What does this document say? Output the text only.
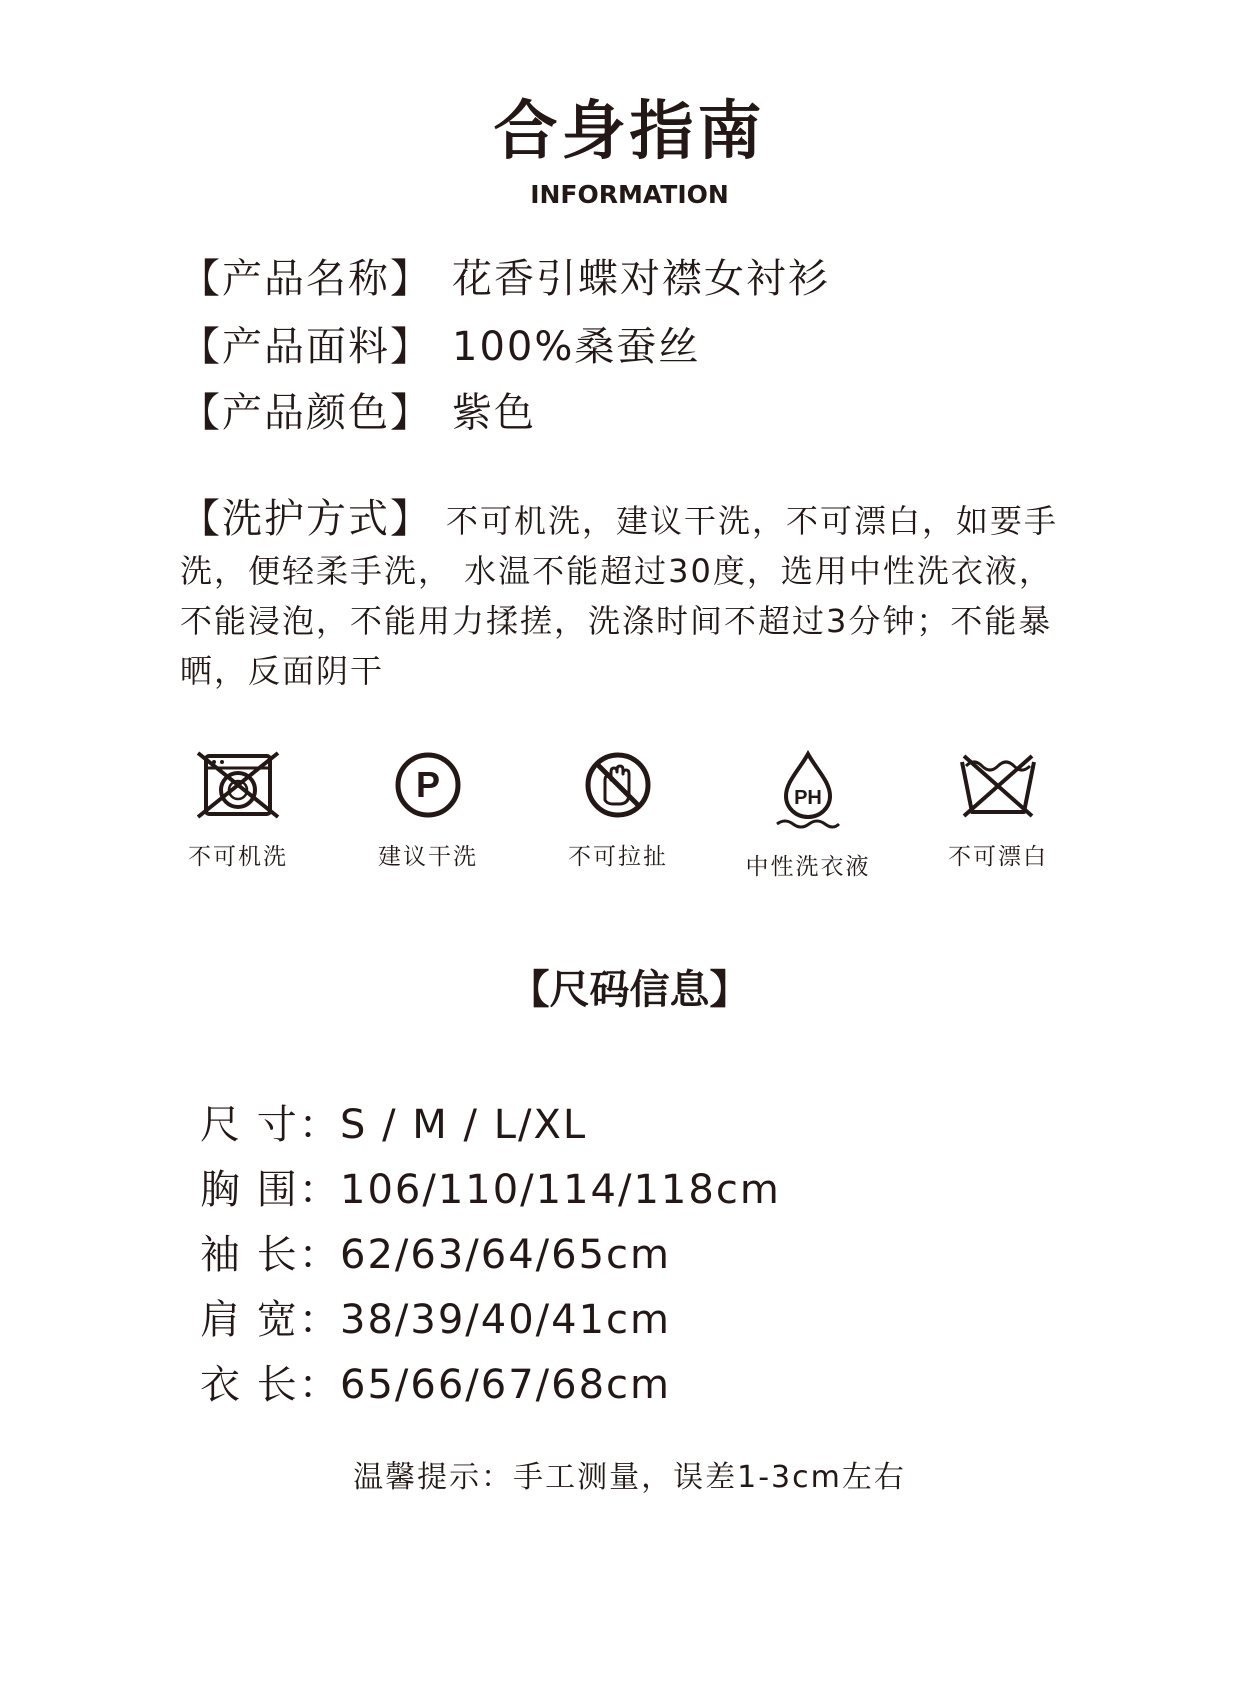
合身指南
INFORMATION
【产品名称】 花香引蝶对襟女衬衫
【产品面料】 100%桑蚕丝
【产品颜色】 紫色
【洗护方式】 不可机洗，建议干洗，不可漂白，如要手洗，便轻柔手洗， 水温不能超过30度，选用中性洗衣液，不能浸泡，不能用力揉搓，洗涤时间不超过3分钟；不能暴晒，反面阴干
不可机洗
P
建议干洗	不可拉扯
PH
中性洗衣液	不可漂白
【尺码信息】
尺 寸：S / M / L/XL
胸 围：106/110/114/118cm
袖 长：62/63/64/65cm
肩 宽：38/39/40/41cm
衣 长：65/66/67/68cm
温馨提示：手工测量，误差1-3cm左右
